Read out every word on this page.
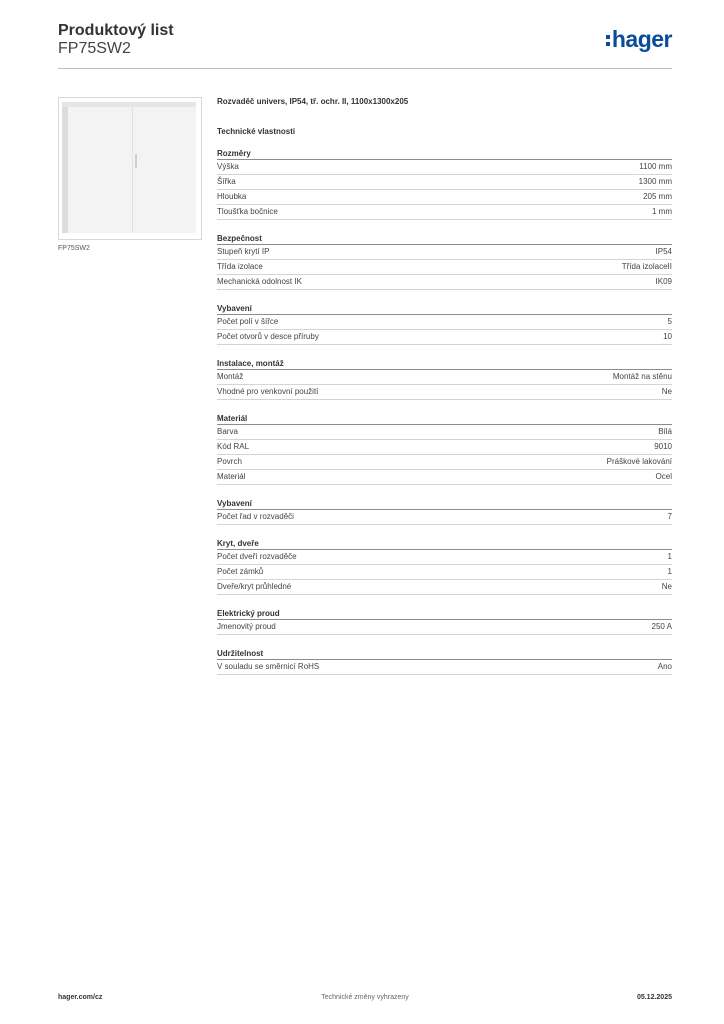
Produktový list
FP75SW2	hager
FP75SW2
Rozvaděč univers, IP54, tř. ochr. II, 1100x1300x205
Technické vlastnosti
Rozměry
Výška	1100 mm
Šířka	1300 mm
Hloubka	205 mm
Tloušťka bočnice	1 mm
Bezpečnost
Stupeň krytí IP	IP54
Třída izolace	Třída izolaceII
Mechanická odolnost IK	IK09
Vybavení
Počet polí v šířce	5
Počet otvorů v desce příruby	10
Instalace, montáž
Montáž	Montáž na stěnu
Vhodné pro venkovní použití	Ne
Materiál
Barva	Bílá
Kód RAL	9010
Povrch	Práškové lakování
Materiál	Ocel
Vybavení
Počet řad v rozvaděči	7
Kryt, dveře
Počet dveří rozvaděče	1
Počet zámků	1
Dveře/kryt průhledné	Ne
Elektrický proud
Jmenovitý proud	250 A
Udržitelnost
V souladu se směrnicí RoHS	Ano
hager.com/cz	Technické změny vyhrazeny	05.12.2025
